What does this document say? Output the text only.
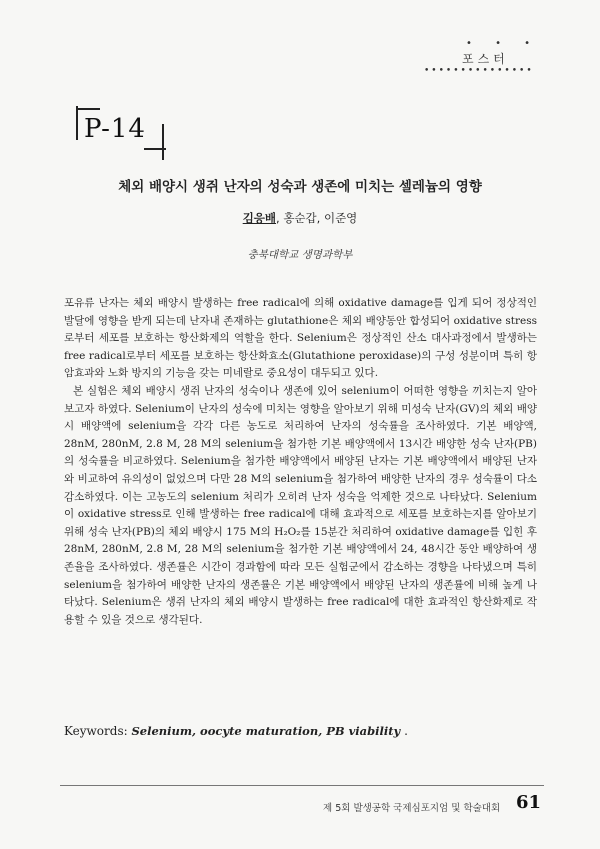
• • •
포스터
•••••••••••••••
P-14
체외 배양시 생쥐 난자의 성숙과 생존에 미치는 셀레늄의 영향
김응배, 홍순갑, 이준영
충북대학교 생명과학부

포유류 난자는 체외 배양시 발생하는 free radical에 의해 oxidative damage를 입게 되어 정상적인 발달에 영향을 받게 되는데 난자내 존재하는 glutathione은 체외 배양동안 합성되어 oxidative stress로부터 세포를 보호하는 항산화제의 역할을 한다. Selenium은 정상적인 산소 대사과정에서 발생하는 free radical로부터 세포를 보호하는 항산화효소(Glutathione peroxidase)의 구성 성분이며 특히 항암효과와 노화 방지의 기능을 갖는 미네랄로 중요성이 대두되고 있다.

본 실험은 체외 배양시 생쥐 난자의 성숙이나 생존에 있어 selenium이 어떠한 영향을 끼치는지 알아보고자 하였다. Selenium이 난자의 성숙에 미치는 영향을 알아보기 위해 미성숙 난자(GV)의 체외 배양시 배양액에 selenium을 각각 다른 농도로 처리하여 난자의 성숙률을 조사하였다. 기본 배양액, 28nM, 280nM, 2.8 M, 28 M의 selenium을 첨가한 기본 배양액에서 13시간 배양한 성숙 난자(PB)의 성숙률을 비교하였다. Selenium을 첨가한 배양액에서 배양된 난자는 기본 배양액에서 배양된 난자와 비교하여 유의성이 없었으며 다만 28 M의 selenium을 첨가하여 배양한 난자의 경우 성숙률이 다소 감소하였다. 이는 고농도의 selenium 처리가 오히려 난자 성숙을 억제한 것으로 나타났다. Selenium이 oxidative stress로 인해 발생하는 free radical에 대해 효과적으로 세포를 보호하는지를 알아보기 위해 성숙 난자(PB)의 체외 배양시 175 M의 H₂O₂를 15분간 처리하여 oxidative damage를 입힌 후 28nM, 280nM, 2.8 M, 28 M의 selenium을 첨가한 기본 배양액에서 24, 48시간 동안 배양하여 생존율을 조사하였다. 생존률은 시간이 경과함에 따라 모든 실험군에서 감소하는 경향을 나타냈으며 특히 selenium을 첨가하여 배양한 난자의 생존률은 기본 배양액에서 배양된 난자의 생존률에 비해 높게 나타났다. Selenium은 생쥐 난자의 체외 배양시 발생하는 free radical에 대한 효과적인 항산화제로 작용할 수 있을 것으로 생각된다.

Keywords: Selenium, oocyte maturation, PB viability .
제 5회 발생공학 국제심포지엄 및 학술대회 61
